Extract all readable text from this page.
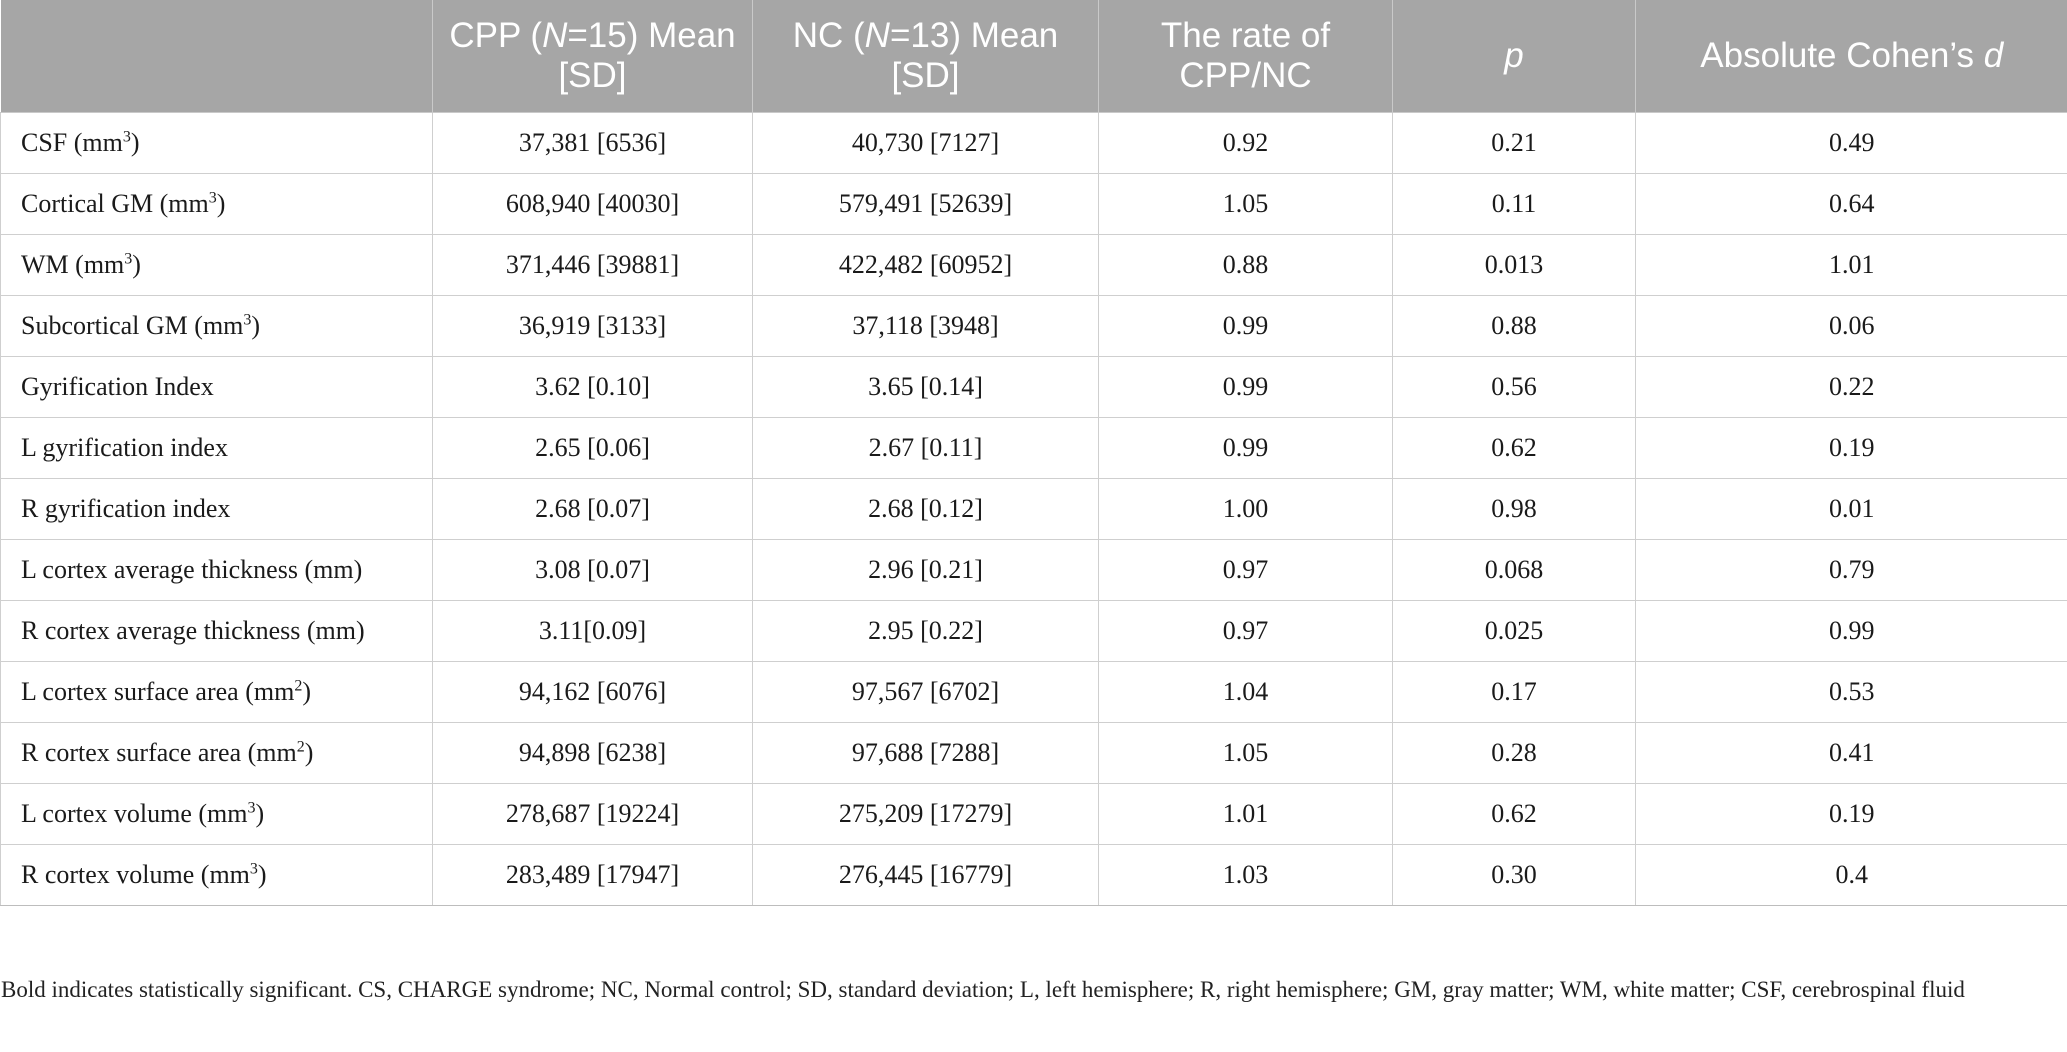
	CPP (N=15) Mean [SD]	NC (N=13) Mean [SD]	The rate of CPP/NC	p	Absolute Cohen’s d
CSF $(mm^3)$	37,381 [6536]	40,730 [7127]	0.92	0.21	0.49
Cortical GM $(mm^3)$	608,940 [40030]	579,491 [52639]	1.05	0.11	0.64
WM $(mm^3)$	371,446 [39881]	422,482 [60952]	0.88	0.013	1.01
Subcortical GM $(mm^3)$	36,919 [3133]	37,118 [3948]	0.99	0.88	0.06
Gyrification Index	3.62 [0.10]	3.65 [0.14]	0.99	0.56	0.22
L gyrification index	2.65 [0.06]	2.67 [0.11]	0.99	0.62	0.19
R gyrification index	2.68 [0.07]	2.68 [0.12]	1.00	0.98	0.01
L cortex average thickness (mm)	3.08 [0.07]	2.96 [0.21]	0.97	0.068	0.79
R cortex average thickness (mm)	3.11[0.09]	2.95 [0.22]	0.97	0.025	0.99
L cortex surface area $(mm^2)$	94,162 [6076]	97,567 [6702]	1.04	0.17	0.53
R cortex surface area $(mm^2)$	94,898 [6238]	97,688 [7288]	1.05	0.28	0.41
L cortex volume $(mm^3)$	278,687 [19224]	275,209 [17279]	1.01	0.62	0.19
R cortex volume $(mm^3)$	283,489 [17947]	276,445 [16779]	1.03	0.30	0.4
Bold indicates statistically significant. CS, CHARGE syndrome; NC, Normal control; SD, standard deviation; L, left hemisphere; R, right hemisphere; GM, gray matter; WM, white matter; CSF, cerebrospinal fluid
